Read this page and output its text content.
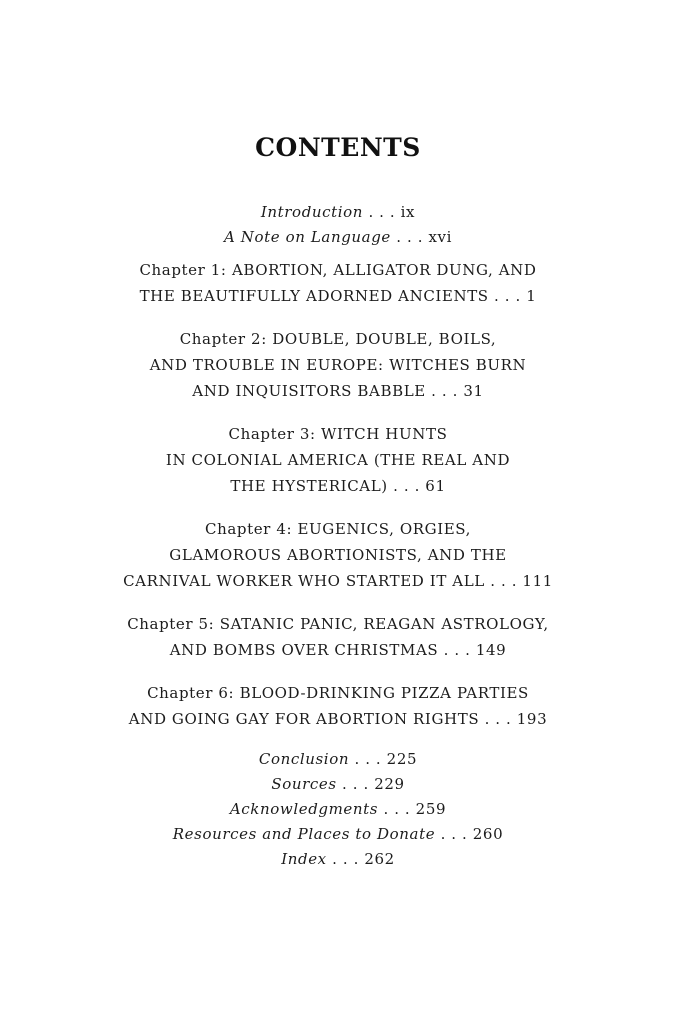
CONTENTS
Introduction . . . ix
A Note on Language . . . xvi
Chapter 1: ABORTION, ALLIGATOR DUNG, AND
THE BEAUTIFULLY ADORNED ANCIENTS . . . 1
Chapter 2: DOUBLE, DOUBLE, BOILS,
AND TROUBLE IN EUROPE: WITCHES BURN
AND INQUISITORS BABBLE . . . 31
Chapter 3: WITCH HUNTS
IN COLONIAL AMERICA (THE REAL AND
THE HYSTERICAL) . . . 61
Chapter 4: EUGENICS, ORGIES,
GLAMOROUS ABORTIONISTS, AND THE
CARNIVAL WORKER WHO STARTED IT ALL . . . 111
Chapter 5: SATANIC PANIC, REAGAN ASTROLOGY,
AND BOMBS OVER CHRISTMAS . . . 149
Chapter 6: BLOOD-DRINKING PIZZA PARTIES
AND GOING GAY FOR ABORTION RIGHTS . . . 193
Conclusion . . . 225
Sources . . . 229
Acknowledgments . . . 259
Resources and Places to Donate . . . 260
Index . . . 262
